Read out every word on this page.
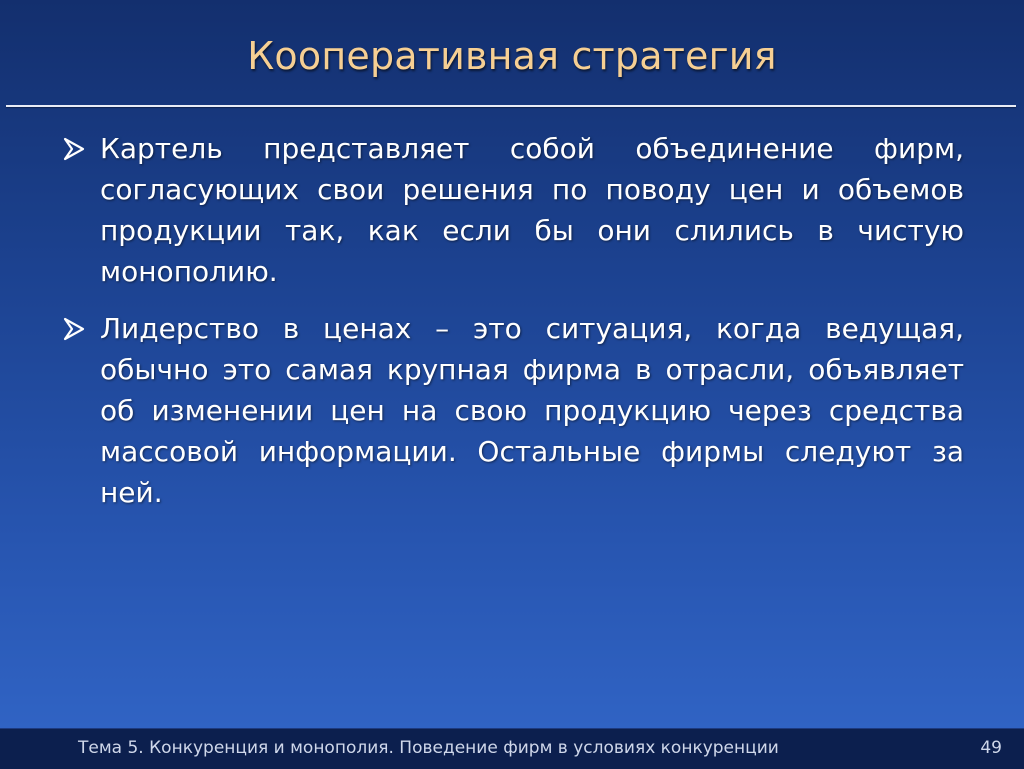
Кооперативная стратегия
Картель представляет собой объединение фирм, согласующих свои решения по поводу цен и объемов продукции так, как если бы они слились в чистую монополию.
Лидерство в ценах – это ситуация, когда ведущая, обычно это самая крупная фирма в отрасли, объявляет об изменении цен на свою продукцию через средства массовой информации. Остальные фирмы следуют за ней.
Тема 5. Конкуренция и монополия. Поведение фирм в условиях конкуренции	49
